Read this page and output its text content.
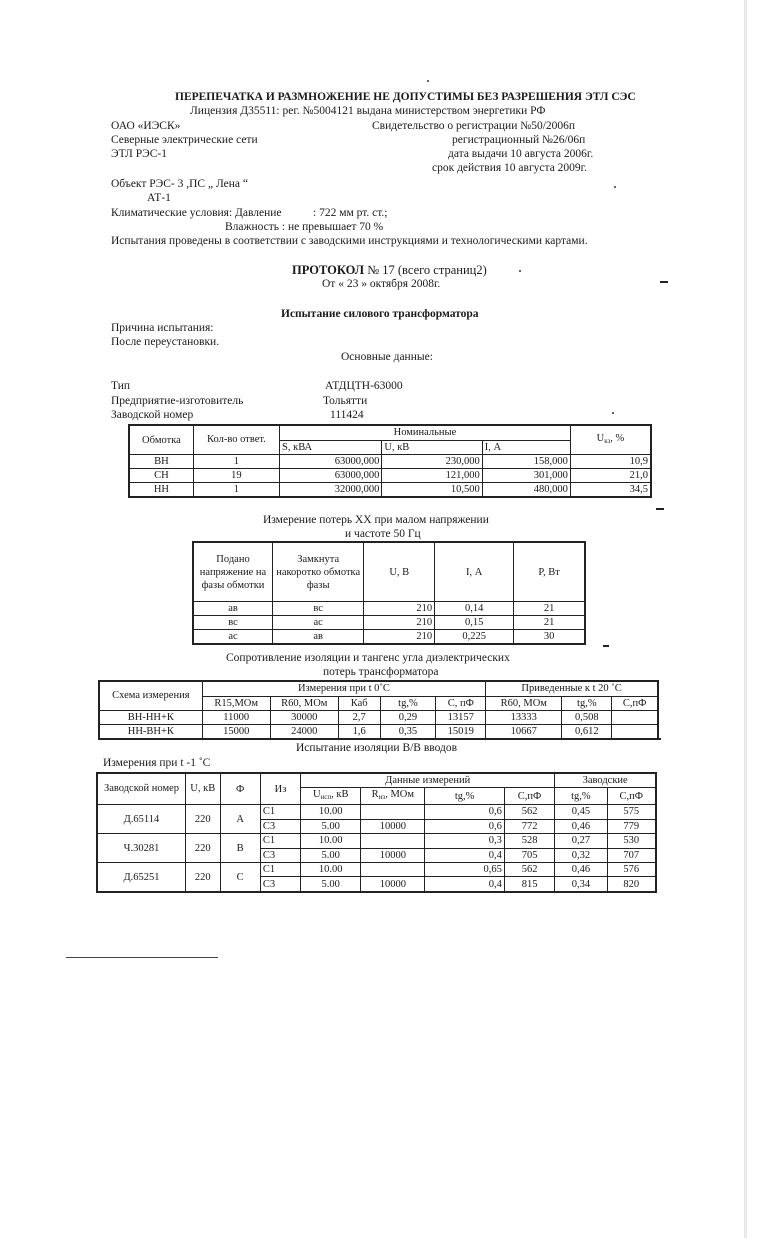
ПЕРЕПЕЧАТКА И РАЗМНОЖЕНИЕ НЕ ДОПУСТИМЫ БЕЗ РАЗРЕШЕНИЯ ЭТЛ СЭС
Лицензия Д35511: рег. №5004121 выдана министерством энергетики РФ
ОАО «ИЭСК»
Северные электрические сети
ЭТЛ РЭС-1
Свидетельство о регистрации №50/2006п
регистрационный №26/06п
дата выдачи 10 августа 2006г.
срок действия 10 августа 2009г.
Объект РЭС- 3 ,ПС „ Лена “
АТ-1
Климатические условия: Давление	: 722 мм рт. ст.;
Влажность : не превышает 70 %
Испытания проведены в соответствии с заводскими инструкциями и технологическими картами.
ПРОТОКОЛ № 17 (всего страниц2)
От « 23 » октября 2008г.
Испытание силового трансформатора
Причина испытания:
После переустановки.
Основные данные:
Тип	АТДЦТН-63000
Предприятие-изготовитель	Тольятти
Заводской номер	111424
Обмотка	Кол-во ответ.	Номинальные			$U_{кз}$, %
		S, кВА	U, кВ	I, А	
ВН	1	63000,000	230,000	158,000	10,9
СН	19	63000,000	121,000	301,000	21,0
НН	1	32000,000	10,500	480,000	34,5
Измерение потерь ХХ при малом напряжении
и частоте 50 Гц
Подано напряжение на фазы обмотки	Замкнута накоротко обмотка фазы	U, В	I, А	P, Вт
ав	вс	210	0,14	21
вс	ас	210	0,15	21
ас	ав	210	0,225	30
Сопротивление изоляции и тангенс угла диэлектрических
потерь трансформатора
Схема измерения	Измерения при t 0˚С					Приведенные к t 20 ˚С		
	R15,МОм	R60, МОм	Каб	tg,%	С, пФ	R60, МОм	tg,%	С,пФ
ВН-НН+К	11000	30000	2,7	0,29	13157	13333	0,508	
НН-ВН+К	15000	24000	1,6	0,35	15019	10667	0,612	
Испытание изоляции В/В вводов
Измерения при t -1 ˚С
Заводской номер	U, кВ	Ф	Из	Данные измерений				Заводские	
				$U_{исп}$, кВ	$R_{из}$, МОм	tg,%	С,пФ	tg,%	С,пФ
Д.65114	220	А	С1	10.00		0,6	562	0,45	575
			С3	5.00	10000	0,6	772	0,46	779
Ч.30281	220	В	С1	10.00		0,3	528	0,27	530
			С3	5.00	10000	0,4	705	0,32	707
Д.65251	220	С	С1	10.00		0,65	562	0,46	576
			С3	5.00	10000	0,4	815	0,34	820
